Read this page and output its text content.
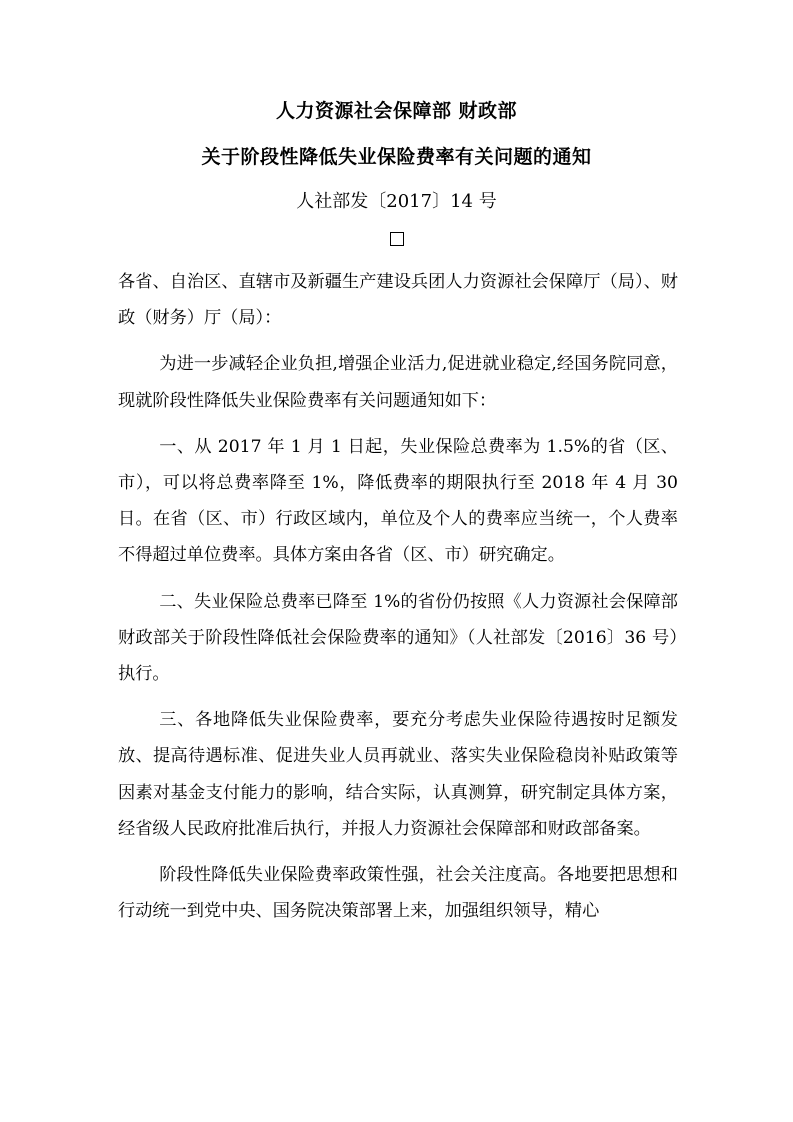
人力资源社会保障部 财政部
关于阶段性降低失业保险费率有关问题的通知
人社部发〔2017〕14 号

各省、自治区、直辖市及新疆生产建设兵团人力资源社会保障厅（局）、财政（财务）厅（局）：

为进一步减轻企业负担,增强企业活力,促进就业稳定,经国务院同意，现就阶段性降低失业保险费率有关问题通知如下：

一、从 2017 年 1 月 1 日起，失业保险总费率为 1.5%的省（区、市），可以将总费率降至 1%，降低费率的期限执行至 2018 年 4 月 30 日。在省（区、市）行政区域内，单位及个人的费率应当统一，个人费率不得超过单位费率。具体方案由各省（区、市）研究确定。

二、失业保险总费率已降至 1%的省份仍按照《人力资源社会保障部 财政部关于阶段性降低社会保险费率的通知》（人社部发〔2016〕36 号）执行。

三、各地降低失业保险费率，要充分考虑失业保险待遇按时足额发放、提高待遇标准、促进失业人员再就业、落实失业保险稳岗补贴政策等因素对基金支付能力的影响，结合实际，认真测算，研究制定具体方案，经省级人民政府批准后执行，并报人力资源社会保障部和财政部备案。

阶段性降低失业保险费率政策性强，社会关注度高。各地要把思想和行动统一到党中央、国务院决策部署上来，加强组织领导，精心
